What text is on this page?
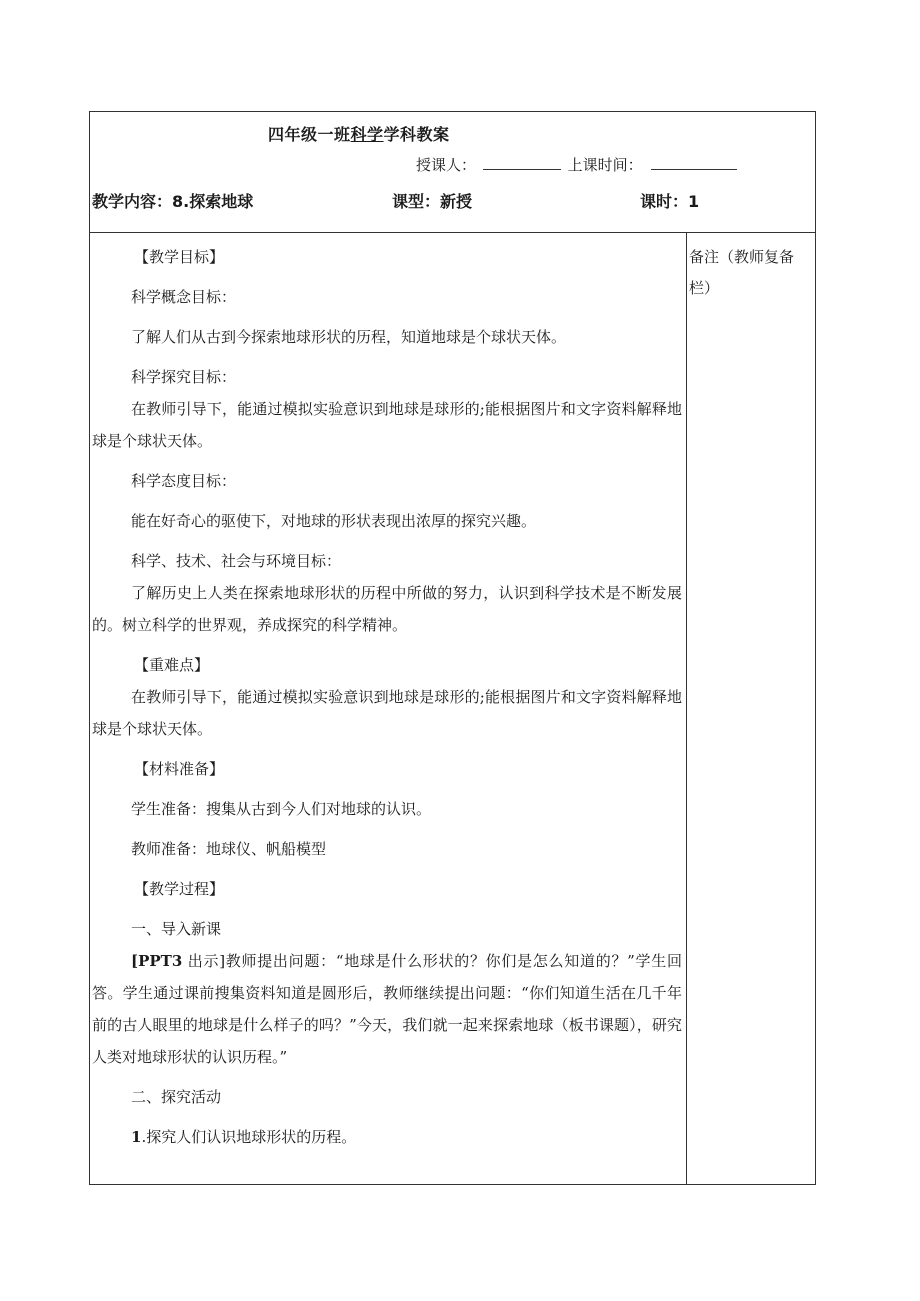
四年级一班科学学科教案
授课人：	上课时间：
教学内容：8.探索地球	课型：新授	课时：1

【教学目标】

科学概念目标：

了解人们从古到今探索地球形状的历程，知道地球是个球状天体。

科学探究目标：

在教师引导下，能通过模拟实验意识到地球是球形的;能根据图片和文字资料解释地球是个球状天体。

科学态度目标：

能在好奇心的驱使下，对地球的形状表现出浓厚的探究兴趣。

科学、技术、社会与环境目标：

了解历史上人类在探索地球形状的历程中所做的努力，认识到科学技术是不断发展的。树立科学的世界观，养成探究的科学精神。

【重难点】

在教师引导下，能通过模拟实验意识到地球是球形的;能根据图片和文字资料解释地球是个球状天体。

【材料准备】

学生准备：搜集从古到今人们对地球的认识。

教师准备：地球仪、帆船模型

【教学过程】

一、导入新课

[PPT3 出示]教师提出问题：“地球是什么形状的？你们是怎么知道的？”学生回答。学生通过课前搜集资料知道是圆形后，教师继续提出问题：“你们知道生活在几千年前的古人眼里的地球是什么样子的吗？”今天，我们就一起来探索地球（板书课题），研究人类对地球形状的认识历程。”

二、探究活动

1.探究人们认识地球形状的历程。

备注（教师复备栏）
